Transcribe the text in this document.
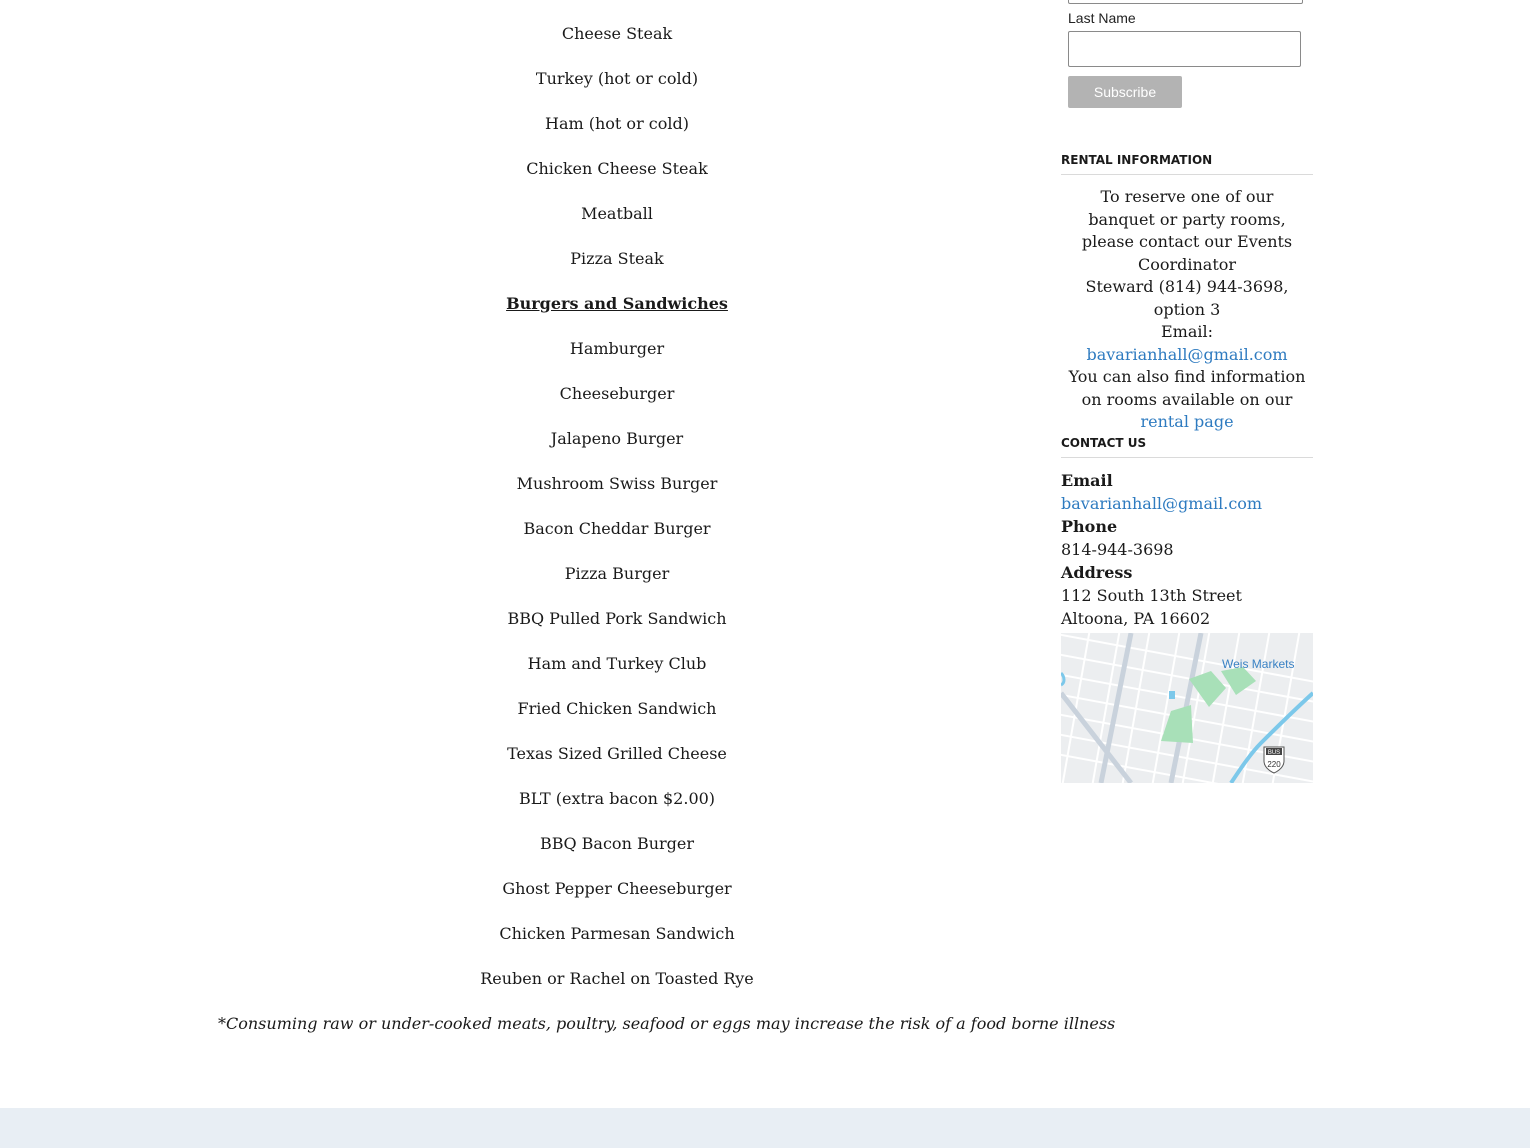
Cheese Steak
Turkey (hot or cold)
Ham (hot or cold)
Chicken Cheese Steak
Meatball
Pizza Steak
Burgers and Sandwiches
Hamburger
Cheeseburger
Jalapeno Burger
Mushroom Swiss Burger
Bacon Cheddar Burger
Pizza Burger
BBQ Pulled Pork Sandwich
Ham and Turkey Club
Fried Chicken Sandwich
Texas Sized Grilled Cheese
BLT (extra bacon $2.00)
BBQ Bacon Burger
Ghost Pepper Cheeseburger
Chicken Parmesan Sandwich
Reuben or Rachel on Toasted Rye
*Consuming raw or under-cooked meats, poultry, seafood or eggs may increase the risk of a food borne illness
Last Name
Subscribe
RENTAL INFORMATION
To reserve one of our banquet or party rooms, please contact our Events Coordinator
Steward (814) 944-3698, option 3
Email: bavarianhall@gmail.com
You can also find information on rooms available on our rental page
CONTACT US
Email
bavarianhall@gmail.com
Phone
814-944-3698
Address
112 South 13th Street
Altoona, PA 16602
Weis Markets
BUS
220
